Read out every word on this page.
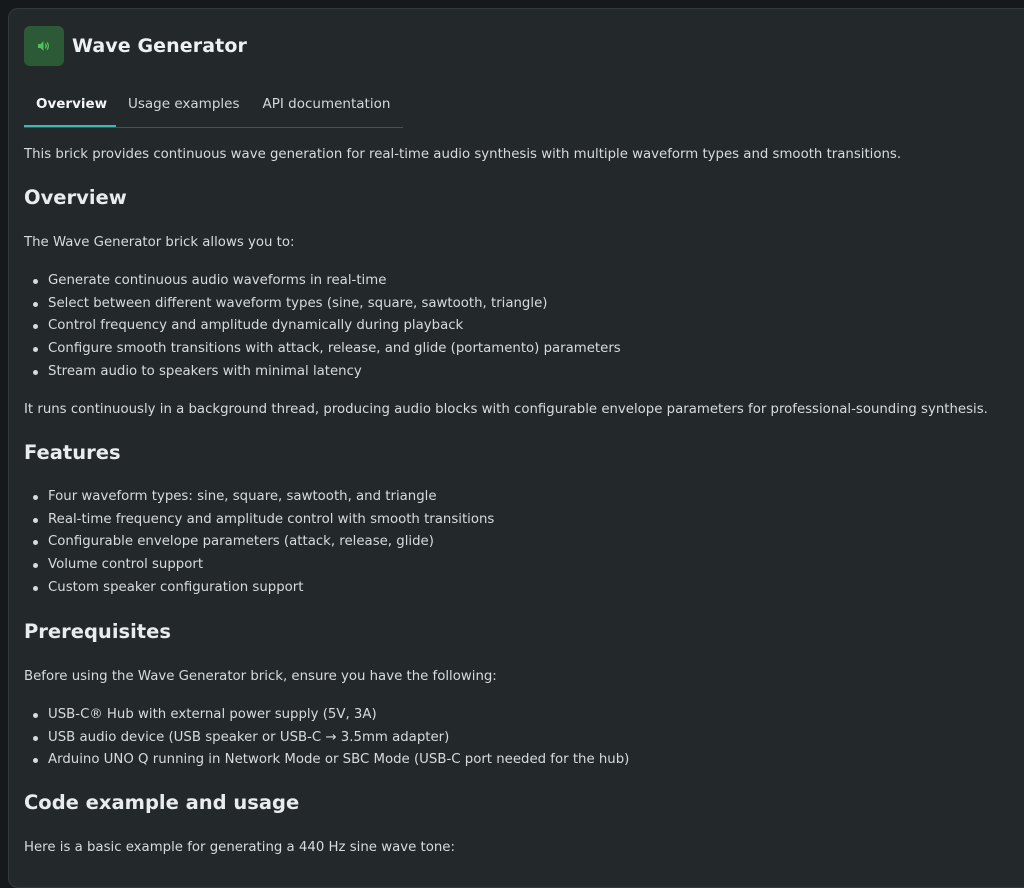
Wave Generator
Overview	Usage examples API documentation

This brick provides continuous wave generation for real-time audio synthesis with multiple waveform types and smooth transitions.

Overview

The Wave Generator brick allows you to:

Generate continuous audio waveforms in real-time
Select between different waveform types (sine, square, sawtooth, triangle)
Control frequency and amplitude dynamically during playback
Configure smooth transitions with attack, release, and glide (portamento) parameters
Stream audio to speakers with minimal latency

It runs continuously in a background thread, producing audio blocks with configurable envelope parameters for professional-sounding synthesis.

Features
Four waveform types: sine, square, sawtooth, and triangle
Real-time frequency and amplitude control with smooth transitions
Configurable envelope parameters (attack, release, glide)
Volume control support
Custom speaker configuration support
Prerequisites

Before using the Wave Generator brick, ensure you have the following:

USB-C® Hub with external power supply (5V, 3A)
USB audio device (USB speaker or USB-C → 3.5mm adapter)
Arduino UNO Q running in Network Mode or SBC Mode (USB-C port needed for the hub)
Code example and usage

Here is a basic example for generating a 440 Hz sine wave tone:
